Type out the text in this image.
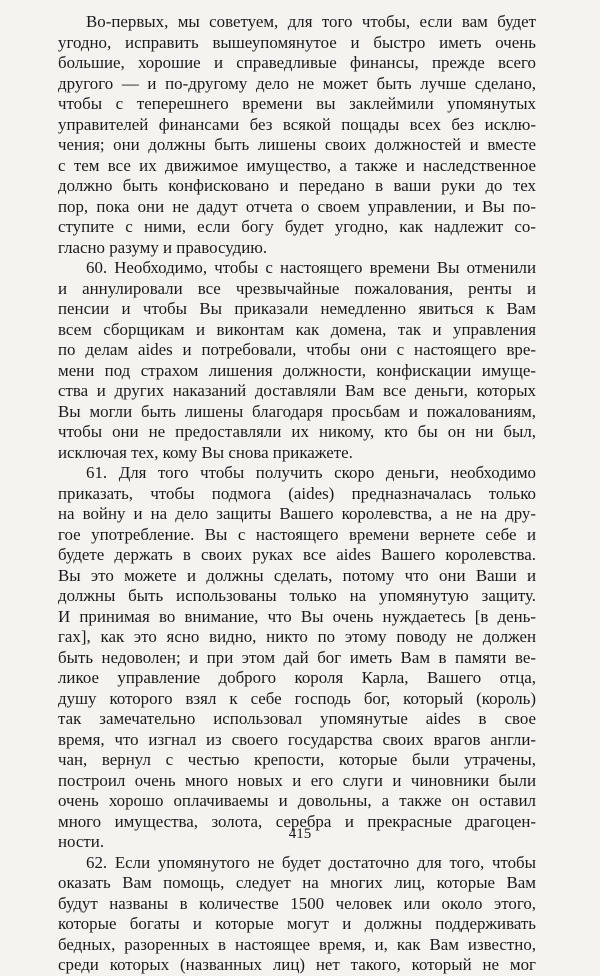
Во-первых, мы советуем, для того чтобы, если вам будет
угодно, исправить вышеупомянутое и быстро иметь очень
большие, хорошие и справедливые финансы, прежде всего
другого — и по-другому дело не может быть лучше сделано,
чтобы с теперешнего времени вы заклеймили упомянутых
управителей финансами без всякой пощады всех без исклю-
чения; они должны быть лишены своих должностей и вместе
с тем все их движимое имущество, а также и наследственное
должно быть конфисковано и передано в ваши руки до тех
пор, пока они не дадут отчета о своем управлении, и Вы по-
ступите с ними, если богу будет угодно, как надлежит со-
гласно разуму и правосудию.
60. Необходимо, чтобы с настоящего времени Вы отменили
и аннулировали все чрезвычайные пожалования, ренты и
пенсии и чтобы Вы приказали немедленно явиться к Вам
всем сборщикам и виконтам как домена, так и управления
по делам aides и потребовали, чтобы они с настоящего вре-
мени под страхом лишения должности, конфискации имуще-
ства и других наказаний доставляли Вам все деньги, которых
Вы могли быть лишены благодаря просьбам и пожалованиям,
чтобы они не предоставляли их никому, кто бы он ни был,
исключая тех, кому Вы снова прикажете.
61. Для того чтобы получить скоро деньги, необходимо
приказать, чтобы подмога (aides) предназначалась только
на войну и на дело защиты Вашего королевства, а не на дру-
гое употребление. Вы с настоящего времени вернете себе и
будете держать в своих руках все aides Вашего королевства.
Вы это можете и должны сделать, потому что они Ваши и
должны быть использованы только на упомянутую защиту.
И принимая во внимание, что Вы очень нуждаетесь [в день-
гах], как это ясно видно, никто по этому поводу не должен
быть недоволен; и при этом дай бог иметь Вам в памяти ве-
ликое управление доброго короля Карла, Вашего отца,
душу которого взял к себе господь бог, который (король)
так замечательно использовал упомянутые aides в свое
время, что изгнал из своего государства своих врагов англи-
чан, вернул с честью крепости, которые были утрачены,
построил очень много новых и его слуги и чиновники были
очень хорошо оплачиваемы и довольны, а также он оставил
много имущества, золота, серебра и прекрасные драгоцен-
ности.
62. Если упомянутого не будет достаточно для того, чтобы
оказать Вам помощь, следует на многих лиц, которые Вам
будут названы в количестве 1500 человек или около этого,
которые богаты и которые могут и должны поддерживать
бедных, разоренных в настоящее время, и, как Вам известно,
среди которых (названных лиц) нет такого, который не мог
415
